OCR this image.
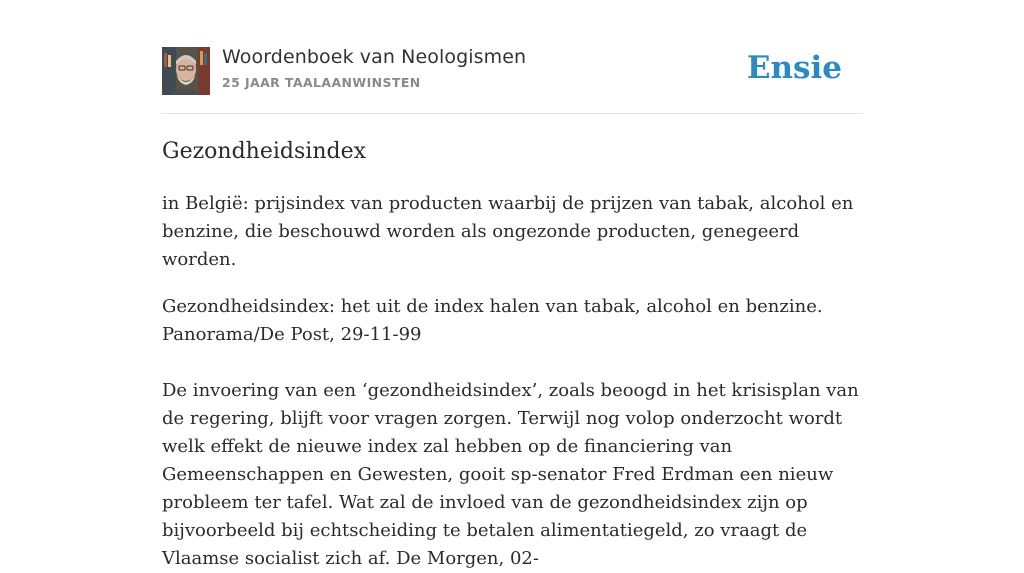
Woordenboek van Neologismen
25 JAAR TAALAANWINSTEN	Ensie
Gezondheidsindex

in België: prijsindex van producten waarbij de prijzen van tabak, alcohol en benzine, die beschouwd worden als ongezonde producten, genegeerd worden.

Gezondheidsindex: het uit de index halen van tabak, alcohol en benzine.

Panorama/De Post, 29-11-99

De invoering van een ‘gezondheidsindex’, zoals beoogd in het krisisplan van de regering, blijft voor vragen zorgen. Terwijl nog volop onderzocht wordt welk effekt de nieuwe index zal hebben op de financiering van Gemeenschappen en Gewesten, gooit sp-senator Fred Erdman een nieuw probleem ter tafel. Wat zal de invloed van de gezondheidsindex zijn op bijvoorbeeld bij echtscheiding te betalen alimentatiegeld, zo vraagt de Vlaamse socialist zich af. De Morgen, 02-
